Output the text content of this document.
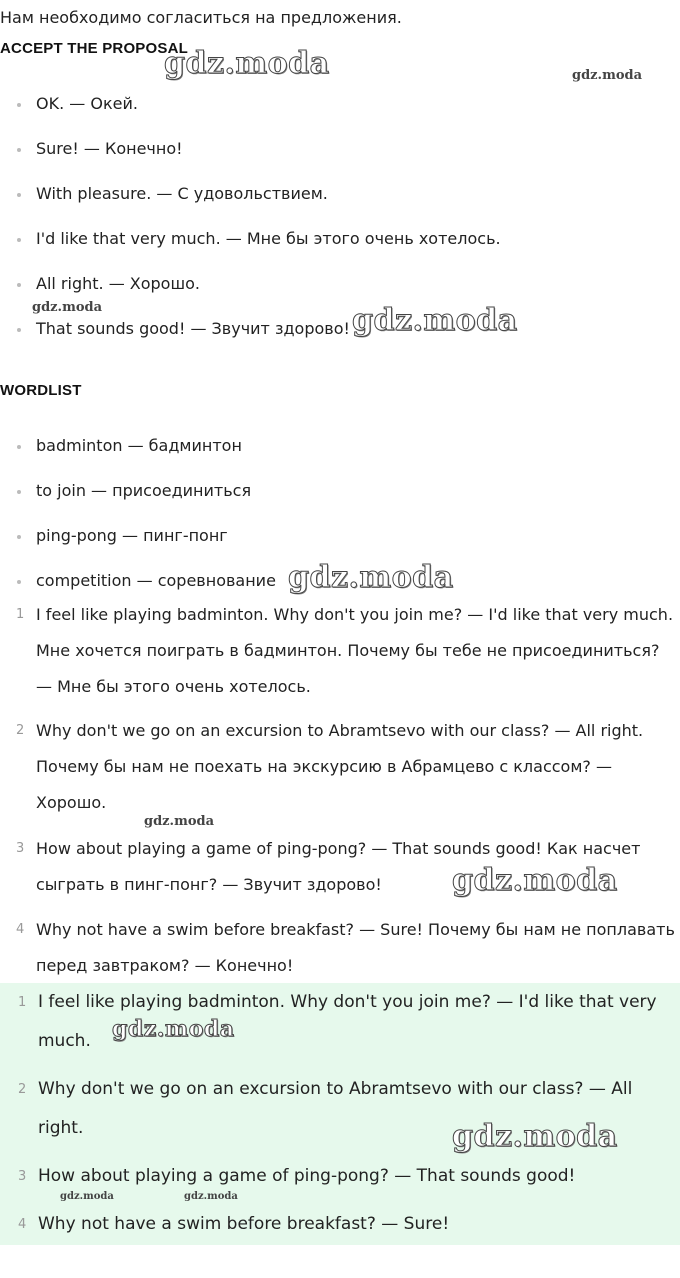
Нам необходимо согласиться на предложения.

ACCEPT THE PROPOSAL
OK. — Окей.
Sure! — Конечно!
With pleasure. — С удовольствием.
I'd like that very much. — Мне бы этого очень хотелось.
All right. — Хорошо.
That sounds good! — Звучит здорово!
WORDLIST
badminton — бадминтон
to join — присоединиться
ping-pong — пинг-понг
competition — соревнование
1 I feel like playing badminton. Why don't you join me? — I'd like that very much. Мне хочется поиграть в бадминтон. Почему бы тебе не присоединиться? — Мне бы этого очень хотелось.
2 Why don't we go on an excursion to Abramtsevo with our class? — All right. Почему бы нам не поехать на экскурсию в Абрамцево с классом? — Хорошо.
3 How about playing a game of ping-pong? — That sounds good! Как насчет сыграть в пинг-понг? — Звучит здорово!
4 Why not have a swim before breakfast? — Sure! Почему бы нам не поплавать перед завтраком? — Конечно!
1 I feel like playing badminton. Why don't you join me? — I'd like that very much.
2 Why don't we go on an excursion to Abramtsevo with our class? — All right.
3 How about playing a game of ping-pong? — That sounds good!
4 Why not have a swim before breakfast? — Sure!
gdz.moda	gdz.moda
gdz.moda	gdz.moda
gdz.moda
gdz.moda
gdz.moda
gdz.moda
gdz.moda
gdz.moda	gdz.moda
